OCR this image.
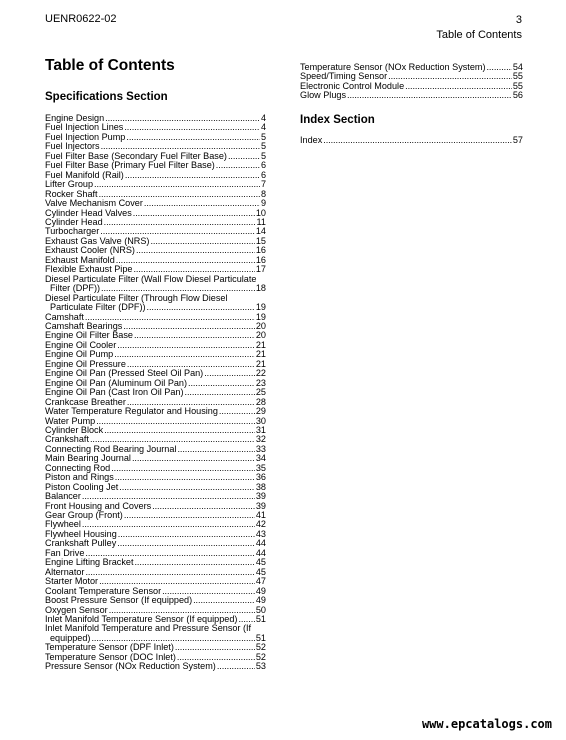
UENR0622-02	3
Table of Contents
Table of Contents
Specifications Section
Engine Design . . .	4
Fuel Injection Lines . . .	4
Fuel Injection Pump . . .	5
Fuel Injectors . . .	5
Fuel Filter Base (Secondary Fuel Filter Base) . . .	5
Fuel Filter Base (Primary Fuel Filter Base) . . .	6
Fuel Manifold (Rail) . . .	6
Lifter Group . . .	7
Rocker Shaft . . .	8
Valve Mechanism Cover . . .	9
Cylinder Head Valves . . .	10
Cylinder Head . . .	11
Turbocharger . . .	14
Exhaust Gas Valve (NRS) . . .	15
Exhaust Cooler (NRS) . . .	16
Exhaust Manifold . . .	16
Flexible Exhaust Pipe . . .	17
Diesel Particulate Filter (Wall Flow Diesel Particulate
Filter (DPF)) . . .	18
Diesel Particulate Filter (Through Flow Diesel
Particulate Filter (DPF)) . . .	19
Camshaft . . .	19
Camshaft Bearings . . .	20
Engine Oil Filter Base . . .	20
Engine Oil Cooler . . .	21
Engine Oil Pump . . .	21
Engine Oil Pressure . . .	21
Engine Oil Pan (Pressed Steel Oil Pan) . . .	22
Engine Oil Pan (Aluminum Oil Pan) . . .	23
Engine Oil Pan (Cast Iron Oil Pan) . . .	25
Crankcase Breather . . .	28
Water Temperature Regulator and Housing . . .	29
Water Pump . . .	30
Cylinder Block . . .	31
Crankshaft . . .	32
Connecting Rod Bearing Journal . . .	33
Main Bearing Journal . . .	34
Connecting Rod . . .	35
Piston and Rings . . .	36
Piston Cooling Jet . . .	38
Balancer . . .	39
Front Housing and Covers . . .	39
Gear Group (Front) . . .	41
Flywheel . . .	42
Flywheel Housing . . .	43
Crankshaft Pulley . . .	44
Fan Drive . . .	44
Engine Lifting Bracket . . .	45
Alternator . . .	45
Starter Motor . . .	47
Coolant Temperature Sensor . . .	49
Boost Pressure Sensor (If equipped) . . .	49
Oxygen Sensor . . .	50
Inlet Manifold Temperature Sensor (If equipped) . . . 51
Inlet Manifold Temperature and Pressure Sensor (If
equipped) . . .	51
Temperature Sensor (DPF Inlet) . . .	52
Temperature Sensor (DOC Inlet) . . .	52
Pressure Sensor (NOx Reduction System) . . .	53
Temperature Sensor (NOx Reduction System) . . .	54
Speed/Timing Sensor . . .	55
Electronic Control Module . . .	55
Glow Plugs . . .	56
Index Section
Index . . .	57
www.epcatalogs.com
